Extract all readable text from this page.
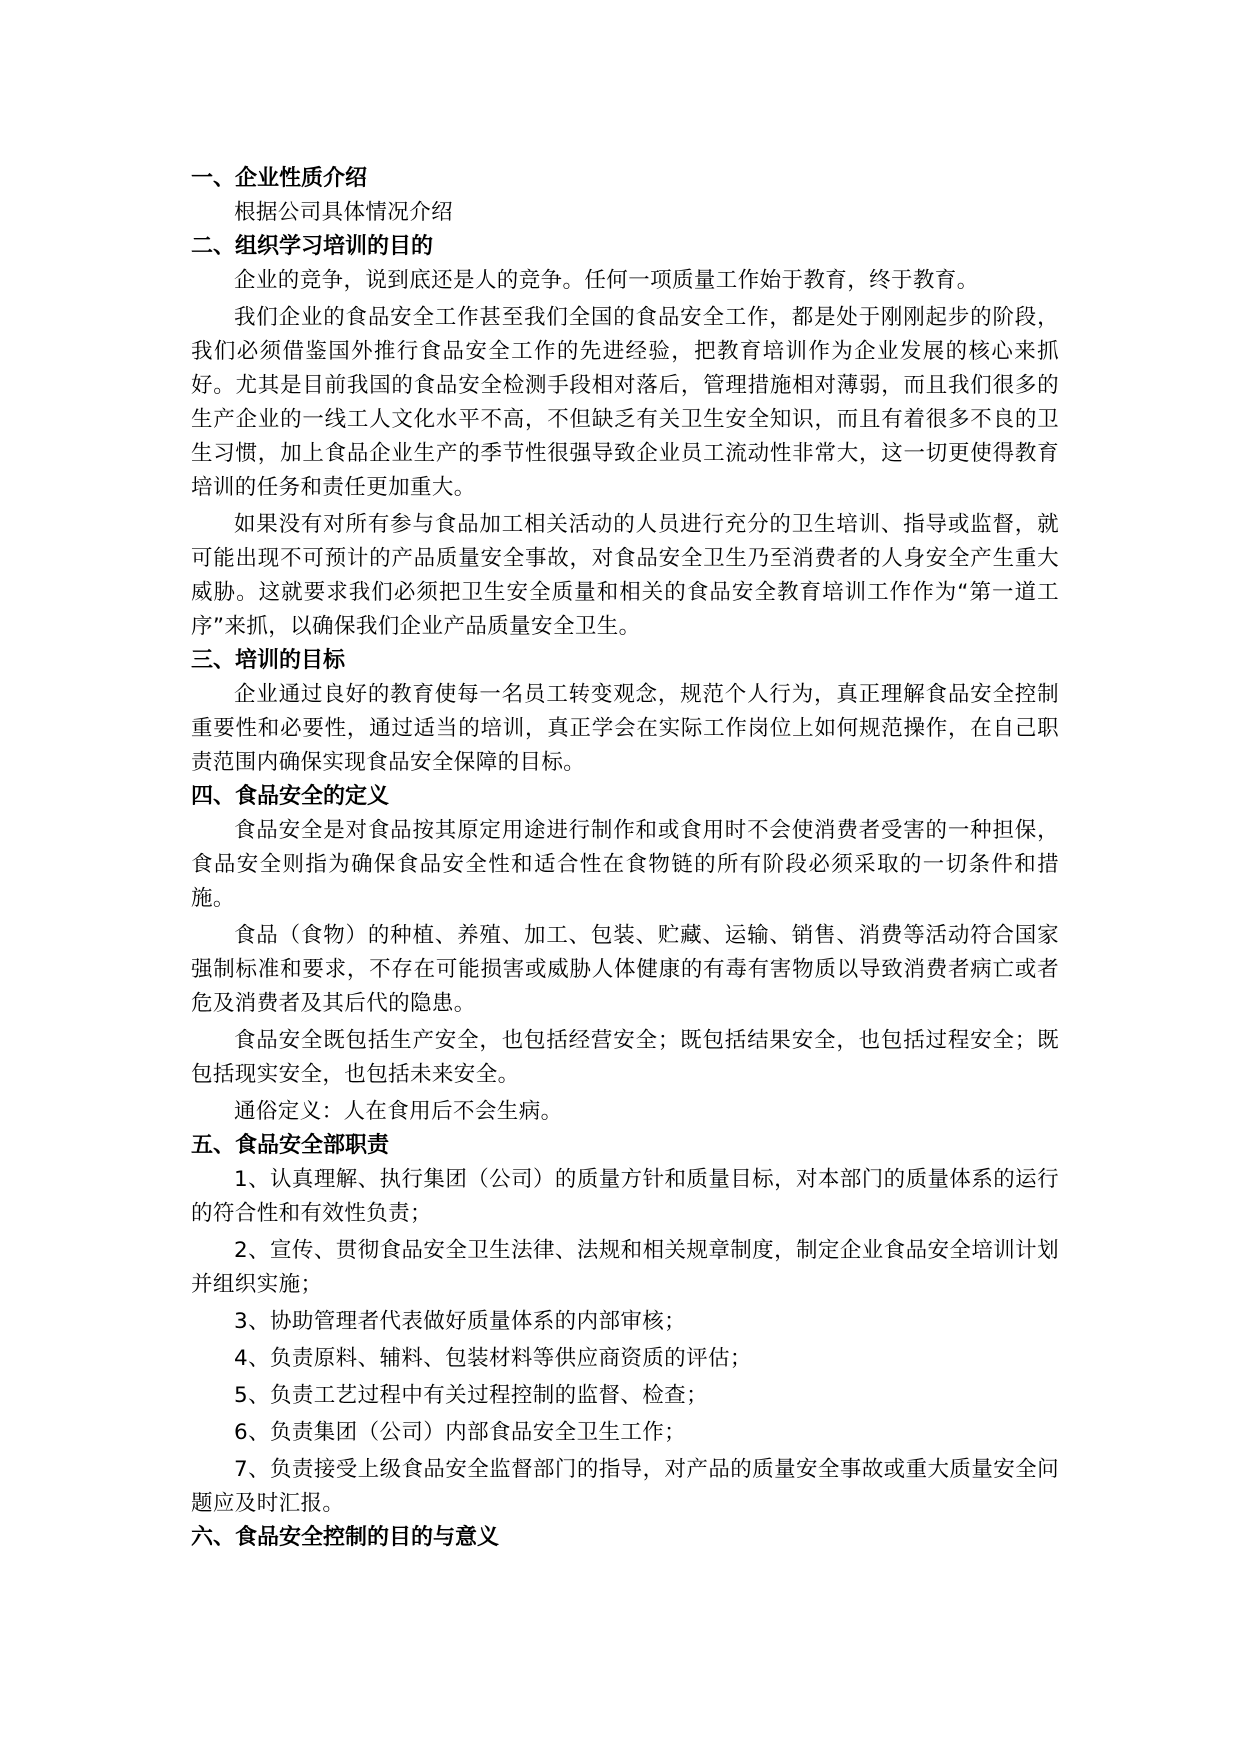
一、企业性质介绍

根据公司具体情况介绍

二、组织学习培训的目的

企业的竞争，说到底还是人的竞争。任何一项质量工作始于教育，终于教育。

我们企业的食品安全工作甚至我们全国的食品安全工作，都是处于刚刚起步的阶段，我们必须借鉴国外推行食品安全工作的先进经验，把教育培训作为企业发展的核心来抓好。尤其是目前我国的食品安全检测手段相对落后，管理措施相对薄弱，而且我们很多的生产企业的一线工人文化水平不高，不但缺乏有关卫生安全知识，而且有着很多不良的卫生习惯，加上食品企业生产的季节性很强导致企业员工流动性非常大，这一切更使得教育培训的任务和责任更加重大。

如果没有对所有参与食品加工相关活动的人员进行充分的卫生培训、指导或监督，就可能出现不可预计的产品质量安全事故，对食品安全卫生乃至消费者的人身安全产生重大威胁。这就要求我们必须把卫生安全质量和相关的食品安全教育培训工作作为“第一道工序”来抓，以确保我们企业产品质量安全卫生。

三、培训的目标

企业通过良好的教育使每一名员工转变观念，规范个人行为，真正理解食品安全控制重要性和必要性，通过适当的培训，真正学会在实际工作岗位上如何规范操作，在自己职责范围内确保实现食品安全保障的目标。

四、食品安全的定义

食品安全是对食品按其原定用途进行制作和或食用时不会使消费者受害的一种担保，食品安全则指为确保食品安全性和适合性在食物链的所有阶段必须采取的一切条件和措施。

食品（食物）的种植、养殖、加工、包装、贮藏、运输、销售、消费等活动符合国家强制标准和要求，不存在可能损害或威胁人体健康的有毒有害物质以导致消费者病亡或者危及消费者及其后代的隐患。

食品安全既包括生产安全，也包括经营安全；既包括结果安全，也包括过程安全；既包括现实安全，也包括未来安全。

通俗定义：人在食用后不会生病。

五、食品安全部职责

1、认真理解、执行集团（公司）的质量方针和质量目标，对本部门的质量体系的运行的符合性和有效性负责；

2、宣传、贯彻食品安全卫生法律、法规和相关规章制度，制定企业食品安全培训计划并组织实施；

3、协助管理者代表做好质量体系的内部审核；

4、负责原料、辅料、包装材料等供应商资质的评估；

5、负责工艺过程中有关过程控制的监督、检查；

6、负责集团（公司）内部食品安全卫生工作；

7、负责接受上级食品安全监督部门的指导，对产品的质量安全事故或重大质量安全问题应及时汇报。

六、食品安全控制的目的与意义
